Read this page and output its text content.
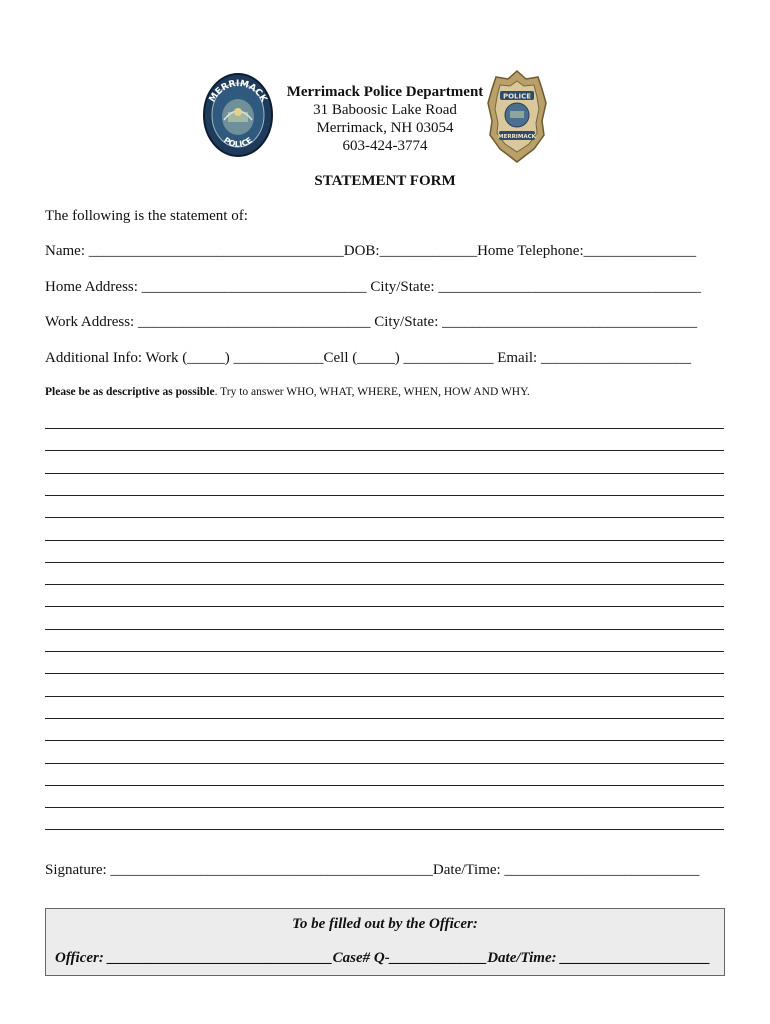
MERRIMACK
POLICE
Merrimack Police Department
31 Baboosic Lake Road
Merrimack, NH 03054
603-424-3774
POLICE
MERRIMACK
STATEMENT FORM
The following is the statement of:
Name: __________________________________DOB:_____________Home Telephone:_______________
Home Address: ______________________________ City/State: ___________________________________
Work Address: _______________________________ City/State: __________________________________
Additional Info: Work (_____) ____________Cell (_____) ____________ Email: ____________________
Please be as descriptive as possible. Try to answer WHO, WHAT, WHERE, WHEN, HOW AND WHY.
Signature: ___________________________________________Date/Time: __________________________
To be filled out by the Officer:
Officer: ______________________________Case# Q-_____________Date/Time: ____________________
